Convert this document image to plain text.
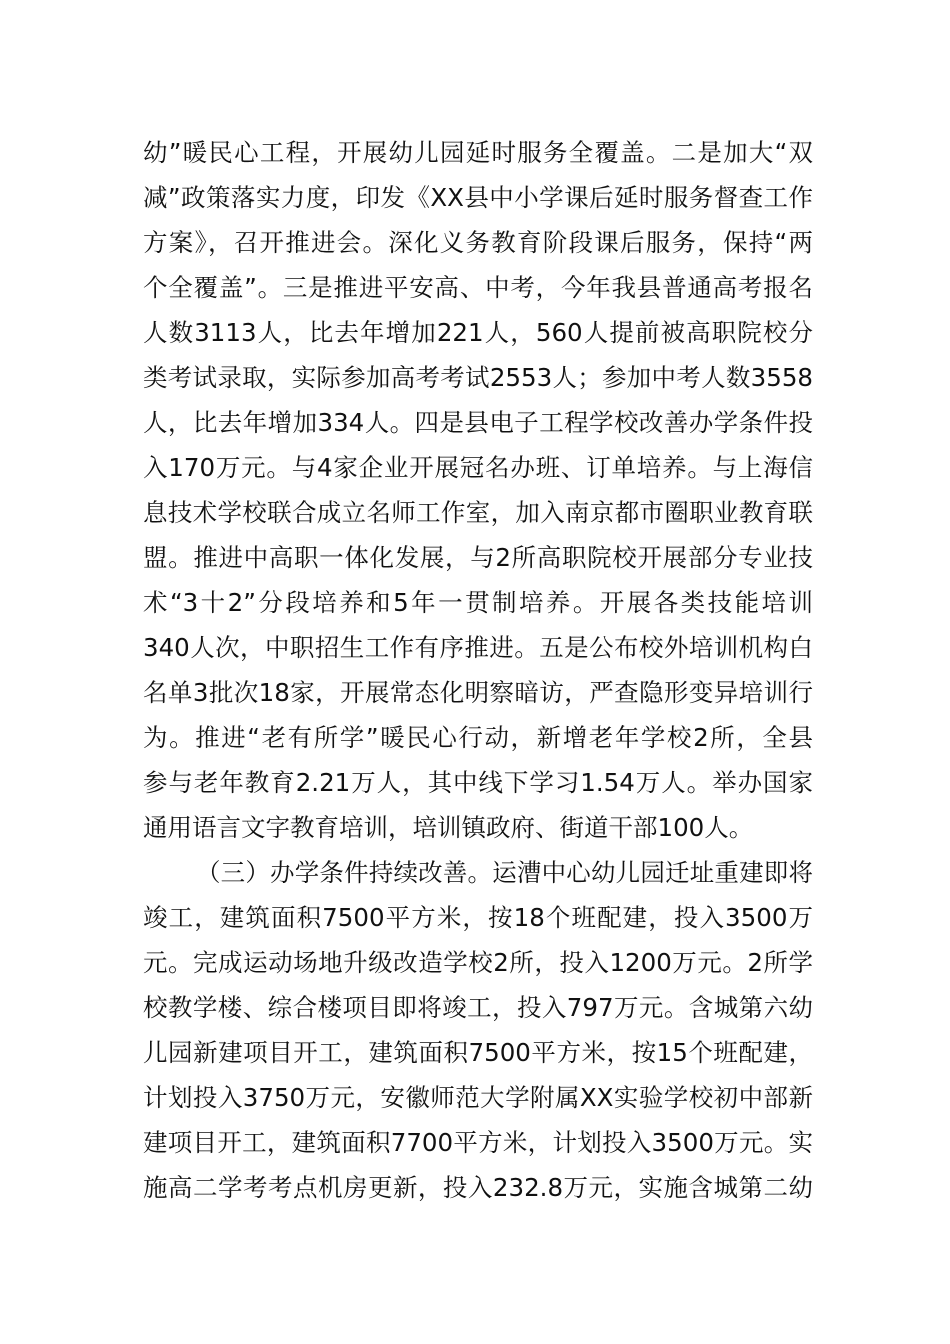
幼”暖民心工程，开展幼儿园延时服务全覆盖。二是加大“双
减”政策落实力度，印发《XX县中小学课后延时服务督查工作
方案》，召开推进会。深化义务教育阶段课后服务，保持“两
个全覆盖”。三是推进平安高、中考，今年我县普通高考报名
人数3113人，比去年增加221人，560人提前被高职院校分
类考试录取，实际参加高考考试2553人；参加中考人数3558
人，比去年增加334人。四是县电子工程学校改善办学条件投
入170万元。与4家企业开展冠名办班、订单培养。与上海信
息技术学校联合成立名师工作室，加入南京都市圈职业教育联
盟。推进中高职一体化发展，与2所高职院校开展部分专业技
术“3十2”分段培养和5年一贯制培养。开展各类技能培训
340人次，中职招生工作有序推进。五是公布校外培训机构白
名单3批次18家，开展常态化明察暗访，严查隐形变异培训行
为。推进“老有所学”暖民心行动，新增老年学校2所，全县
参与老年教育2.21万人，其中线下学习1.54万人。举办国家
通用语言文字教育培训，培训镇政府、街道干部100人。
（三）办学条件持续改善。运漕中心幼儿园迁址重建即将
竣工，建筑面积7500平方米，按18个班配建，投入3500万
元。完成运动场地升级改造学校2所，投入1200万元。2所学
校教学楼、综合楼项目即将竣工，投入797万元。含城第六幼
儿园新建项目开工，建筑面积7500平方米，按15个班配建，
计划投入3750万元，安徽师范大学附属XX实验学校初中部新
建项目开工，建筑面积7700平方米，计划投入3500万元。实
施高二学考考点机房更新，投入232.8万元，实施含城第二幼
